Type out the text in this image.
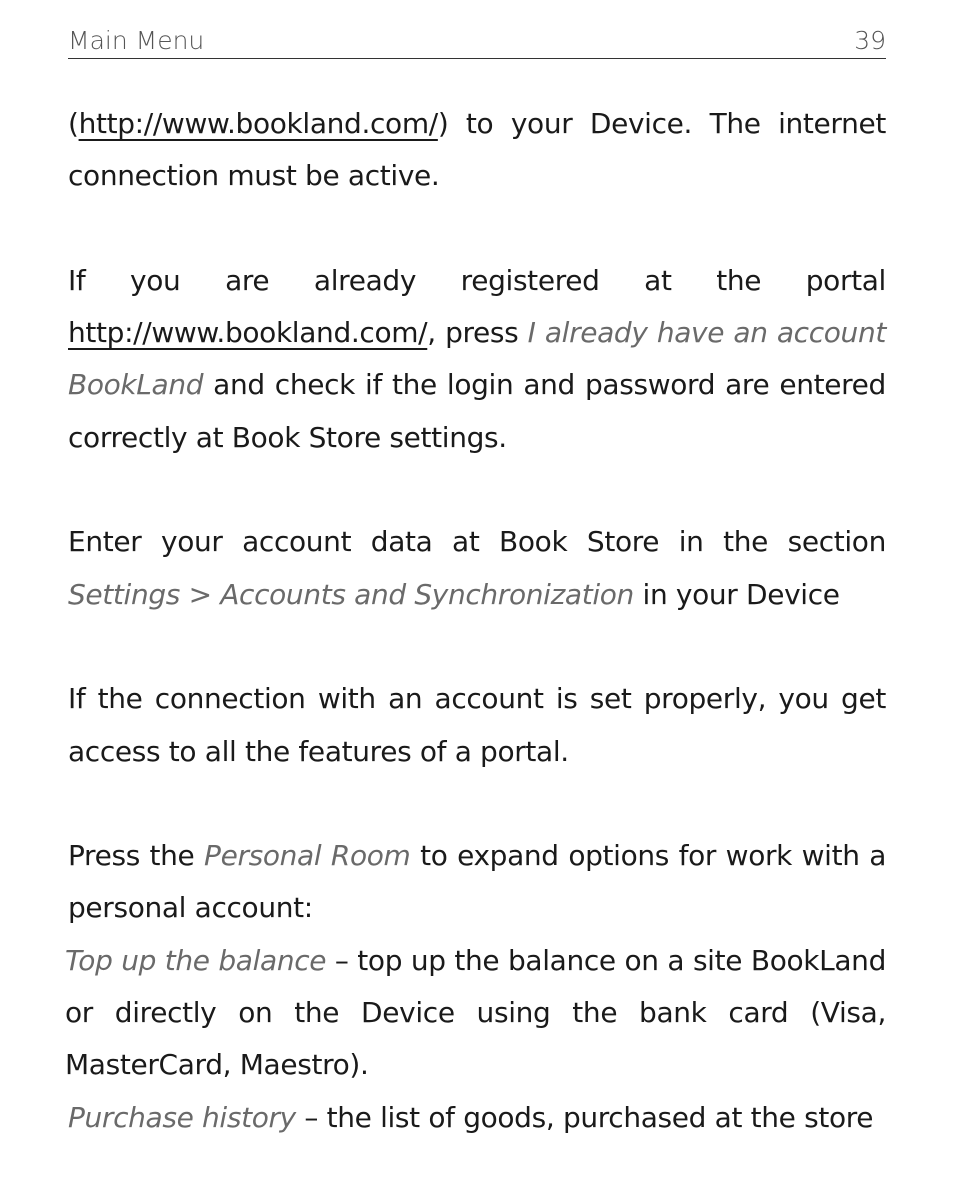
Main Menu	39

(http://www.bookland.com/) to your Device. The internet connection must be active.

If you are already registered at the portal http://www.bookland.com/, press I already have an account BookLand and check if the login and password are entered correctly at Book Store settings.

Enter your account data at Book Store in the section Settings > Accounts and Synchronization in your Device

If the connection with an account is set properly, you get access to all the features of a portal.

Press the Personal Room to expand options for work with a personal account:

Top up the balance – top up the balance on a site BookLand or directly on the Device using the bank card (Visa, MasterCard, Maestro).

Purchase history – the list of goods, purchased at the store
